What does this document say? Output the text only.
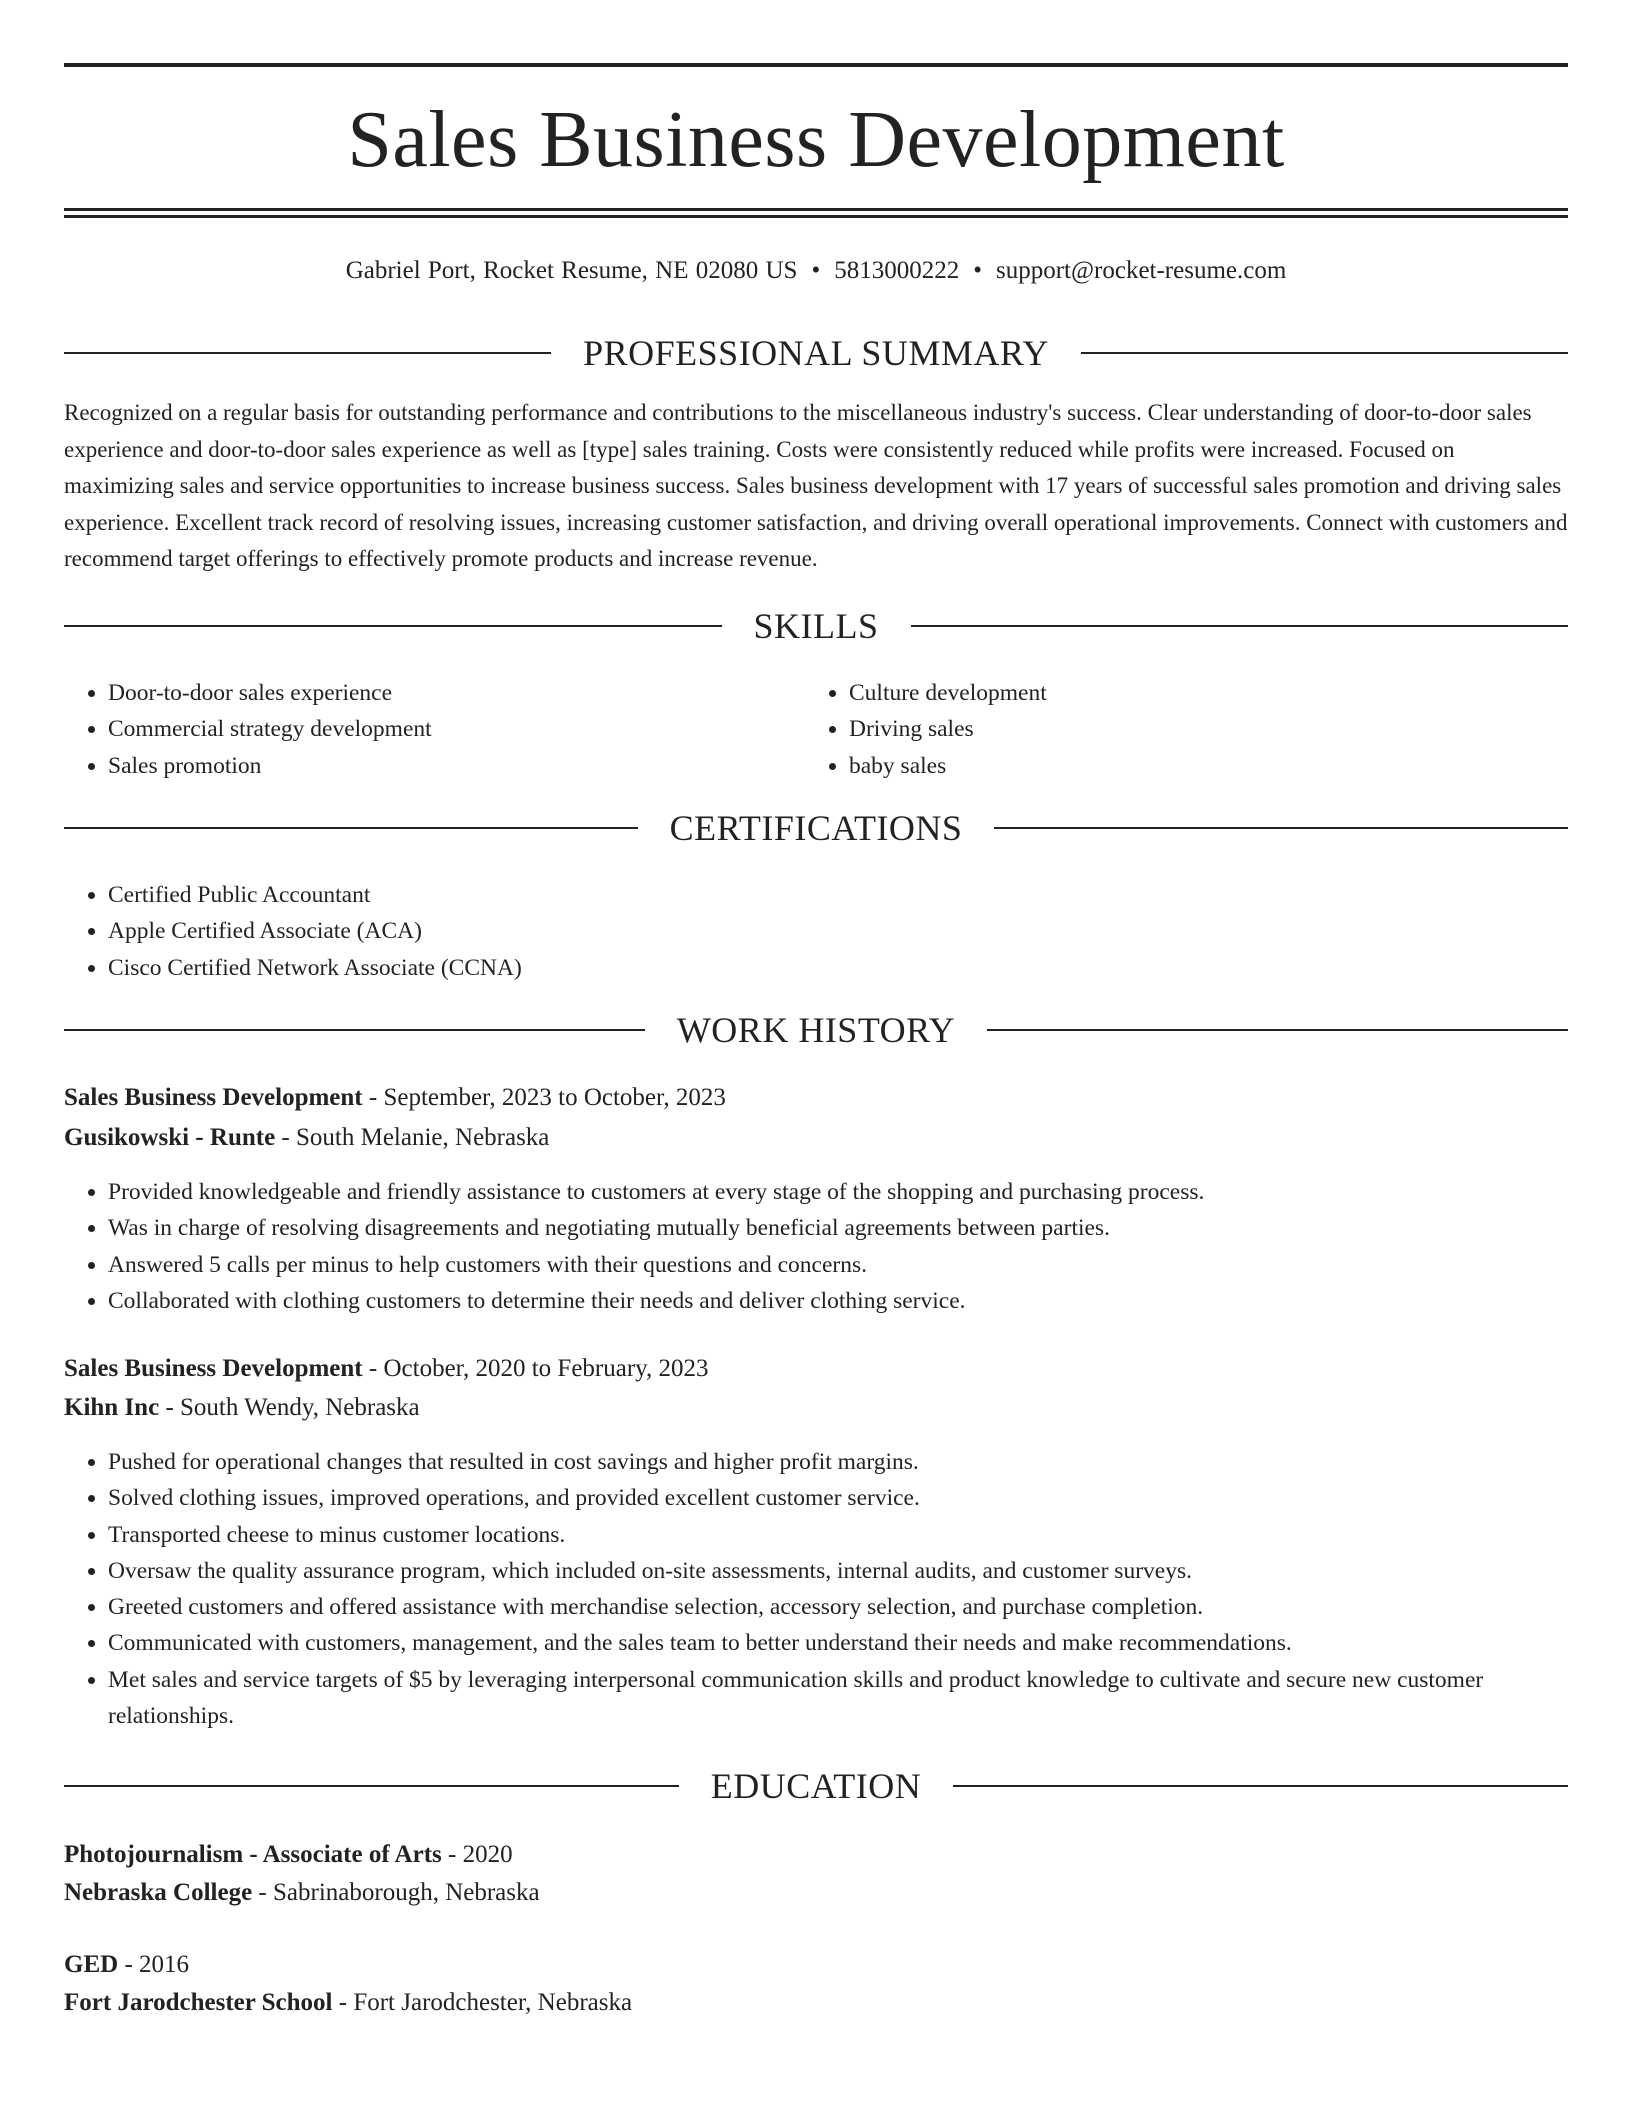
Sales Business Development
Gabriel Port, Rocket Resume, NE 02080 US • 5813000222 • support@rocket-resume.com
PROFESSIONAL SUMMARY
Recognized on a regular basis for outstanding performance and contributions to the miscellaneous industry's success. Clear understanding of door-to-door sales experience and door-to-door sales experience as well as [type] sales training. Costs were consistently reduced while profits were increased. Focused on maximizing sales and service opportunities to increase business success. Sales business development with 17 years of successful sales promotion and driving sales experience. Excellent track record of resolving issues, increasing customer satisfaction, and driving overall operational improvements. Connect with customers and recommend target offerings to effectively promote products and increase revenue.
SKILLS
• Door-to-door sales experience
• Commercial strategy development
• Sales promotion
• Culture development
• Driving sales
• baby sales
CERTIFICATIONS
• Certified Public Accountant
• Apple Certified Associate (ACA)
• Cisco Certified Network Associate (CCNA)
WORK HISTORY
Sales Business Development - September, 2023 to October, 2023
Gusikowski - Runte - South Melanie, Nebraska
• Provided knowledgeable and friendly assistance to customers at every stage of the shopping and purchasing process.
• Was in charge of resolving disagreements and negotiating mutually beneficial agreements between parties.
• Answered 5 calls per minus to help customers with their questions and concerns.
• Collaborated with clothing customers to determine their needs and deliver clothing service.
Sales Business Development - October, 2020 to February, 2023
Kihn Inc - South Wendy, Nebraska
• Pushed for operational changes that resulted in cost savings and higher profit margins.
• Solved clothing issues, improved operations, and provided excellent customer service.
• Transported cheese to minus customer locations.
• Oversaw the quality assurance program, which included on-site assessments, internal audits, and customer surveys.
• Greeted customers and offered assistance with merchandise selection, accessory selection, and purchase completion.
• Communicated with customers, management, and the sales team to better understand their needs and make recommendations.
• Met sales and service targets of $5 by leveraging interpersonal communication skills and product knowledge to cultivate and secure new customer relationships.
EDUCATION
Photojournalism - Associate of Arts - 2020
Nebraska College - Sabrinaborough, Nebraska
GED - 2016
Fort Jarodchester School - Fort Jarodchester, Nebraska
